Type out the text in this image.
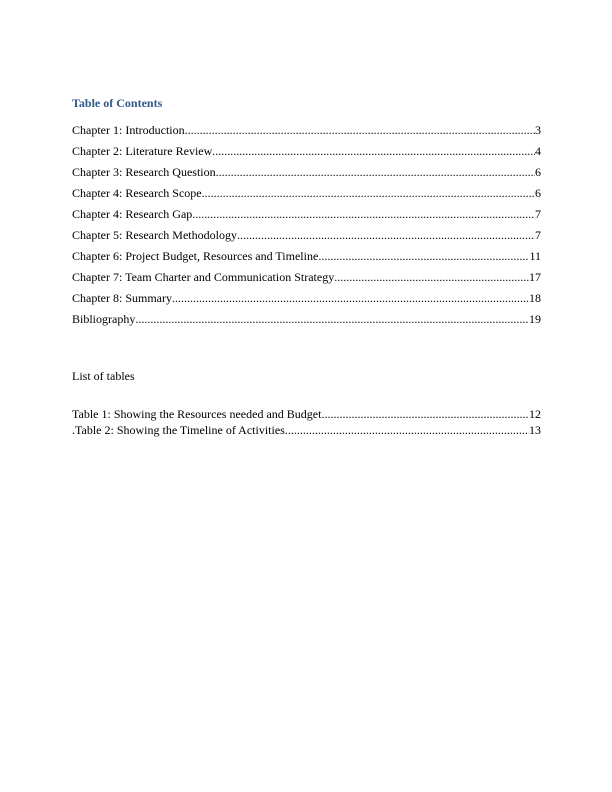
Table of Contents
Chapter 1: Introduction .....	3
Chapter 2: Literature Review .....	4
Chapter 3: Research Question .....	6
Chapter 4: Research Scope .....	6
Chapter 4: Research Gap .....	7
Chapter 5: Research Methodology .....	7
Chapter 6: Project Budget, Resources and Timeline .....	11
Chapter 7: Team Charter and Communication Strategy .....	17
Chapter 8: Summary .....	18
Bibliography .....	19
List of tables
Table 1: Showing the Resources needed and Budget .....	12
.Table 2: Showing the Timeline of Activities .....	13
